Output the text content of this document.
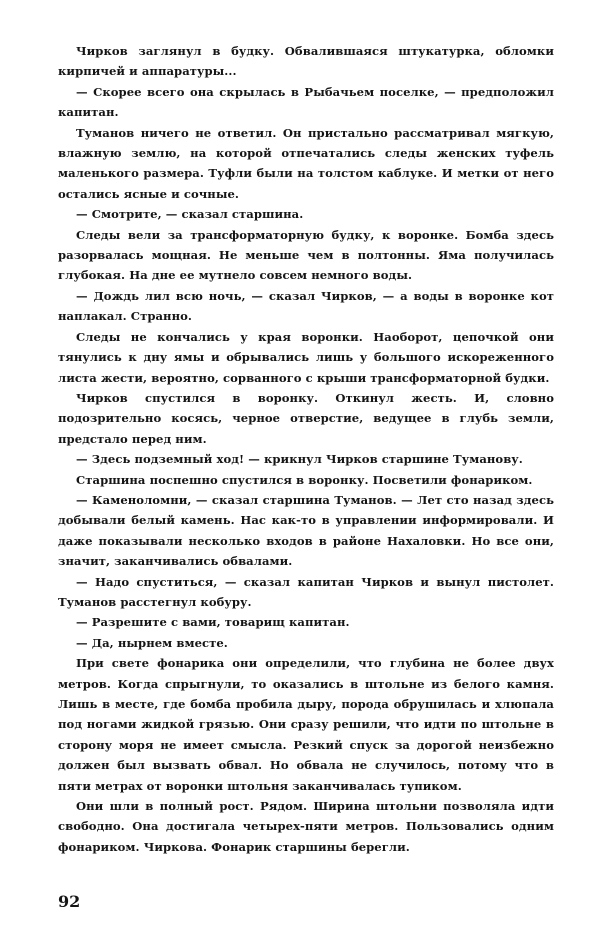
Чирков заглянул в будку. Обвалившаяся штукатурка, обломки кирпичей и аппаратуры...

— Скорее всего она скрылась в Рыбачьем поселке, — предположил капитан.

Туманов ничего не ответил. Он пристально рассматривал мягкую, влажную землю, на которой отпечатались следы женских туфель маленького размера. Туфли были на толстом каблуке. И метки от него остались ясные и сочные.

— Смотрите, — сказал старшина.

Следы вели за трансформаторную будку, к воронке. Бомба здесь разорвалась мощная. Не меньше чем в полтонны. Яма получилась глубокая. На дне ее мутнело совсем немного воды.

— Дождь лил всю ночь, — сказал Чирков, — а воды в воронке кот наплакал. Странно.

Следы не кончались у края воронки. Наоборот, цепочкой они тянулись к дну ямы и обрывались лишь у большого искореженного листа жести, вероятно, сорванного с крыши трансформаторной будки.

Чирков спустился в воронку. Откинул жесть. И, словно подозрительно косясь, черное отверстие, ведущее в глубь земли, предстало перед ним.

— Здесь подземный ход! — крикнул Чирков старшине Туманову.

Старшина поспешно спустился в воронку. Посветили фонариком.

— Каменоломни, — сказал старшина Туманов. — Лет сто назад здесь добывали белый камень. Нас как-то в управлении информировали. И даже показывали несколько входов в районе Нахаловки. Но все они, значит, заканчивались обвалами.

— Надо спуститься, — сказал капитан Чирков и вынул пистолет. Туманов расстегнул кобуру.

— Разрешите с вами, товарищ капитан.

— Да, нырнем вместе.

При свете фонарика они определили, что глубина не более двух метров. Когда спрыгнули, то оказались в штольне из белого камня. Лишь в месте, где бомба пробила дыру, порода обрушилась и хлюпала под ногами жидкой грязью. Они сразу решили, что идти по штольне в сторону моря не имеет смысла. Резкий спуск за дорогой неизбежно должен был вызвать обвал. Но обвала не случилось, потому что в пяти метрах от воронки штольня заканчивалась тупиком.

Они шли в полный рост. Рядом. Ширина штольни позволяла идти свободно. Она достигала четырех-пяти метров. Пользовались одним фонариком. Чиркова. Фонарик старшины берегли.

92
